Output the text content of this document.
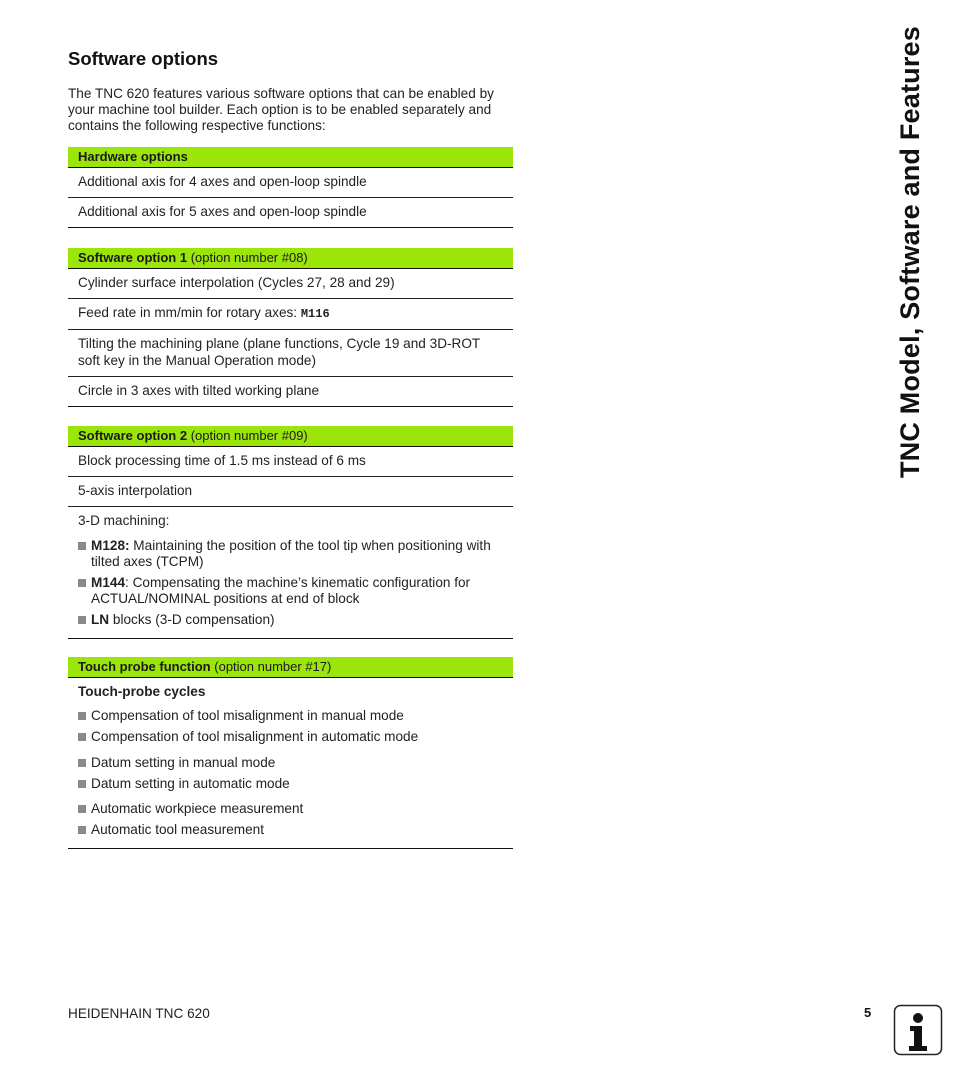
Software options
The TNC 620 features various software options that can be enabled by your machine tool builder. Each option is to be enabled separately and contains the following respective functions:
Hardware options
Additional axis for 4 axes and open-loop spindle
Additional axis for 5 axes and open-loop spindle
Software option 1 (option number #08)
Cylinder surface interpolation (Cycles 27, 28 and 29)
Feed rate in mm/min for rotary axes: M116
Tilting the machining plane (plane functions, Cycle 19 and 3D-ROT soft key in the Manual Operation mode)
Circle in 3 axes with tilted working plane
Software option 2 (option number #09)
Block processing time of 1.5 ms instead of 6 ms
5-axis interpolation
3-D machining:
M128: Maintaining the position of the tool tip when positioning with tilted axes (TCPM)
M144: Compensating the machine’s kinematic configuration for ACTUAL/NOMINAL positions at end of block
LN blocks (3-D compensation)
Touch probe function (option number #17)
Touch-probe cycles
Compensation of tool misalignment in manual mode
Compensation of tool misalignment in automatic mode
Datum setting in manual mode
Datum setting in automatic mode
Automatic workpiece measurement
Automatic tool measurement
TNC Model, Software and Features
HEIDENHAIN TNC 620	5
